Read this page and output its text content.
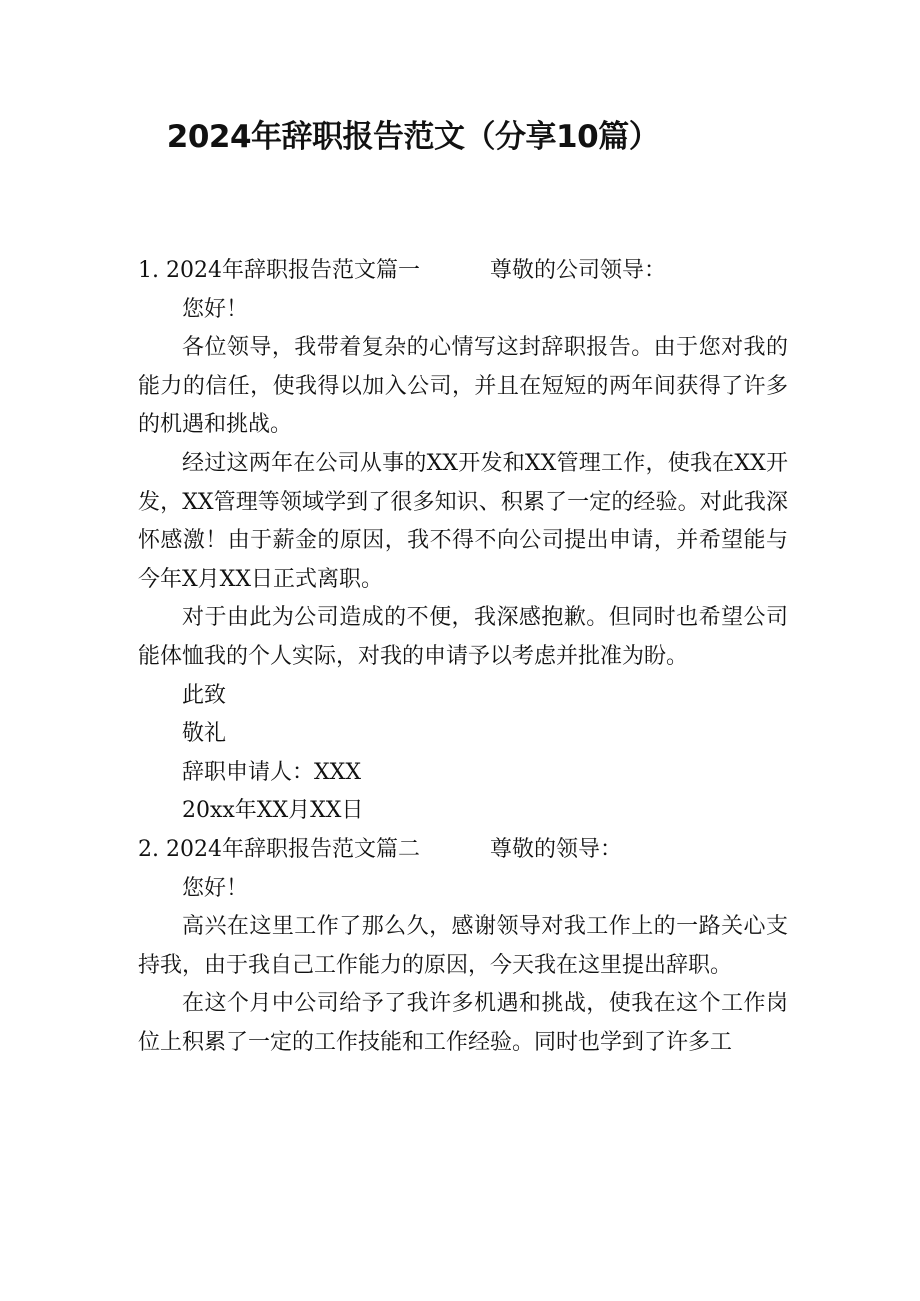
2024年辞职报告范文（分享10篇）
1. 2024年辞职报告范文篇一	尊敬的公司领导：

您好！

各位领导，我带着复杂的心情写这封辞职报告。由于您对我的能力的信任，使我得以加入公司，并且在短短的两年间获得了许多的机遇和挑战。

经过这两年在公司从事的XX开发和XX管理工作，使我在XX开发，XX管理等领域学到了很多知识、积累了一定的经验。对此我深怀感激！由于薪金的原因，我不得不向公司提出申请，并希望能与今年X月XX日正式离职。

对于由此为公司造成的不便，我深感抱歉。但同时也希望公司能体恤我的个人实际，对我的申请予以考虑并批准为盼。

此致

敬礼

辞职申请人：XXX

20xx年XX月XX日

2. 2024年辞职报告范文篇二	尊敬的领导：

您好！

高兴在这里工作了那么久，感谢领导对我工作上的一路关心支持我，由于我自己工作能力的原因，今天我在这里提出辞职。

在这个月中公司给予了我许多机遇和挑战，使我在这个工作岗位上积累了一定的工作技能和工作经验。同时也学到了许多工
